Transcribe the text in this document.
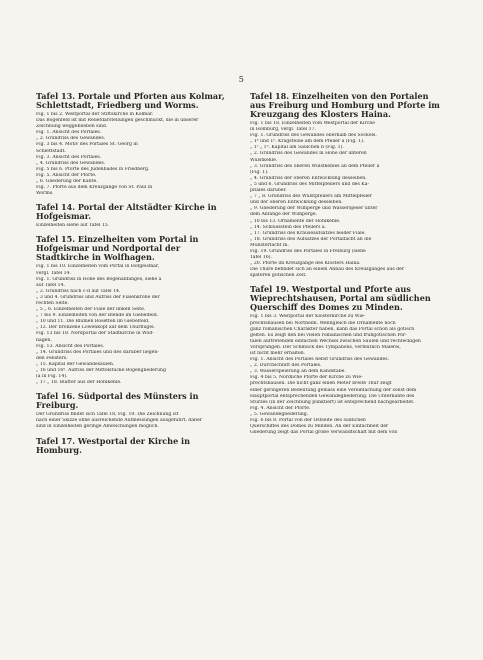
5
Tafel 13. Portale und Pforten aus Kolmar, Schlettstadt, Friedberg und Worms.
Fig. 1 bis 2. Westportal der Stiftskirche in Kolmar.
Das Bogenfeld ist mit Reliefdarstellungen geschmückt, die in unserer
Zeichnung weggeblieben sind.
Fig. 1. Ansicht des Portales.
„ 2. Grundriss des Gewändes.
Fig. 3 bis 4. Motiv des Portales St. Georg in
Schlettstadt.
Fig. 3. Ansicht des Portales.
„ 4. Grundriss des Gewändes.
Fig. 5 bis 6. Pforte des Judenbades in Friedberg.
Fig. 5. Ansicht der Pforte.
„ 6. Gliederung der Kante.
Fig. 7. Pforte aus dem Kreuzgange von St. Paul in
Worms.
Tafel 14. Portal der Altstädter Kirche in Hofgeismar.
Einzelheiten siehe auf Tafel 15.
Tafel 15. Einzelheiten vom Portal in Hofgeismar und Nordportal der Stadtkirche in Wolfhagen.
Fig. 1 bis 10. Einzelheiten vom Portal in Hofgeismar,
vergl. Tafel 14.
Fig. 1. Grundriss in Höhe des Bogenanfanges, siehe a
auf Tafel 14.
„ 2. Grundriss nach c-d auf Tafel 14.
„ 3 und 4. Grundriss und Aufriss der Fialenkrone der
rechten Seite.
„ 5 „ 6. Einzelheiten der Fiale der linken Seite.
„ 7 bis 9. Einzelheiten von der Blende im Giebelfeld.
„ 10 und 11. Die Blumen Rosetten im Giebelfeld.
„ 12. Der bronzene Löwenkopf auf dem Thürflügel.
Fig. 13 bis 18. Nordportal der Stadtkirche in Wolf-
hagen.
Fig. 13. Ansicht des Portales.
„ 14. Grundriss des Portales und des darüber liegen-
den Fensters.
„ 15. Kapitäl der Gewändesäulen.
„ 16 und 16ᵃ. Aufriss der Mittelstücke Bogengliederung
(a in Fig. 14).
„ 17 „ 18. Blätter aus der Hohlkehle.
Tafel 16. Südportal des Münsters in Freiburg.
Der Grundriss findet sich Tafel 18, Fig. 19. Die Zeichnung ist
nach einer Skizze ohne ausreichende Aufmessungen ausgeführt, daher
sind in Einzelheiten geringe Abweichungen möglich.
Tafel 17. Westportal der Kirche in Homburg.
Tafel 18. Einzelheiten von den Portalen aus Freiburg und Homburg und Pforte im Kreuzgang des Klosters Haina.
Fig. 1 bis 18. Einzelheiten vom Westportal der Kirche
in Homburg, vergl. Tafel 17.
Fig. 1. Grundriss des Gewändes oberhalb des Sockels.
„ 1ᵃ und 1ᵇ. Kragsteine am dem Pfeiler a (Fig. 1).
„ 1ᶜ „ 1ᵈ. Kapitäl am Säulchen b (Fig. 1).
„ 2. Grundriss des Gewändes in Höhe der unteren
Wulstkehle.
„ 3. Grundriss des oberen Wulstkehles an dem Pfeiler a
(Fig. 1).
„ 4. Grundriss der oberen Entwicklung desselben.
„ 5 und 6. Grundriss des Mittelpfeilers und des Ka-
pitäles darüber.
„ 7 „ 8. Grundriss des Wulstpfeilers am Mittelpfeiler
und der oberen Entwicklung desselben.
„ 9. Gliederung der Wimperge und Wasserspeier unter
dem Anfange der Wimperge.
„ 10 bis 13. Ornamente der Hohlkehle.
„ 14. Schlussstein des Pfeilers a.
„ 17. Grundriss des Krauseaufsatzes beider Fiale.
„ 18. Grundriss des Aufsatzes der Portalfacht an die
Münsterfacht m.
Fig. 19. Grundriss des Portales in Freiburg (siehe
Tafel 16).
„ 20. Pforte im Kreuzgange des Klosters Haina.
Die Thüre befindet sich an einem Anbau des Kreuzganges aus der
späteren gotischen Zeit.
Tafel 19. Westportal und Pforte aus Wieprechtshausen, Portal am südlichen Querschiff des Domes zu Minden.
Fig. 1 bis 3. Westportal der Klosterkirche zu Wie-
prechtshausen bei Northeim. Wenngleich die Ornamente noch
ganz romanischen Charakter haben, kann das Portal schon als gotisch
gelten. Es zeigt den bei vielen romanischen und frühgotischen Por-
talen auftretenden einfachen Wechsel zwischen Säulen und rechteckigen
Vorsprüngen. Der Schmuck des Tympanons, vermutlich Malerei,
ist nicht mehr erhalten.
Fig. 1. Ansicht des Portales nebst Grundriss des Gewändes.
„ 2. Durchschnitt des Portales.
„ 3. Wasserspeierung an dem Kandstabe.
Fig. 4 bis 5. Nördliche Pforte der Kirche zu Wie-
prechtshausen. Die nicht ganz einen Meter breite Thür zeigt
einer geringeren Bedeutung gemäss eine Vereinfachung der sonst dem
Hauptportal entsprechenden Gewändegliederung. Die Unterkante des
Sturzes (in der Zeichnung punktiert) ist entsprechend nachgearbeitet.
Fig. 4. Ansicht der Pforte.
„ 5. Gewändegliederung.
Fig. 6 bis 8. Portal von der Ostseite des südlichen
Querschiffes des Domes zu Minden. An der Einfachheit der
Gliederung zeigt das Portal große Verwandtschaft mit dem von
